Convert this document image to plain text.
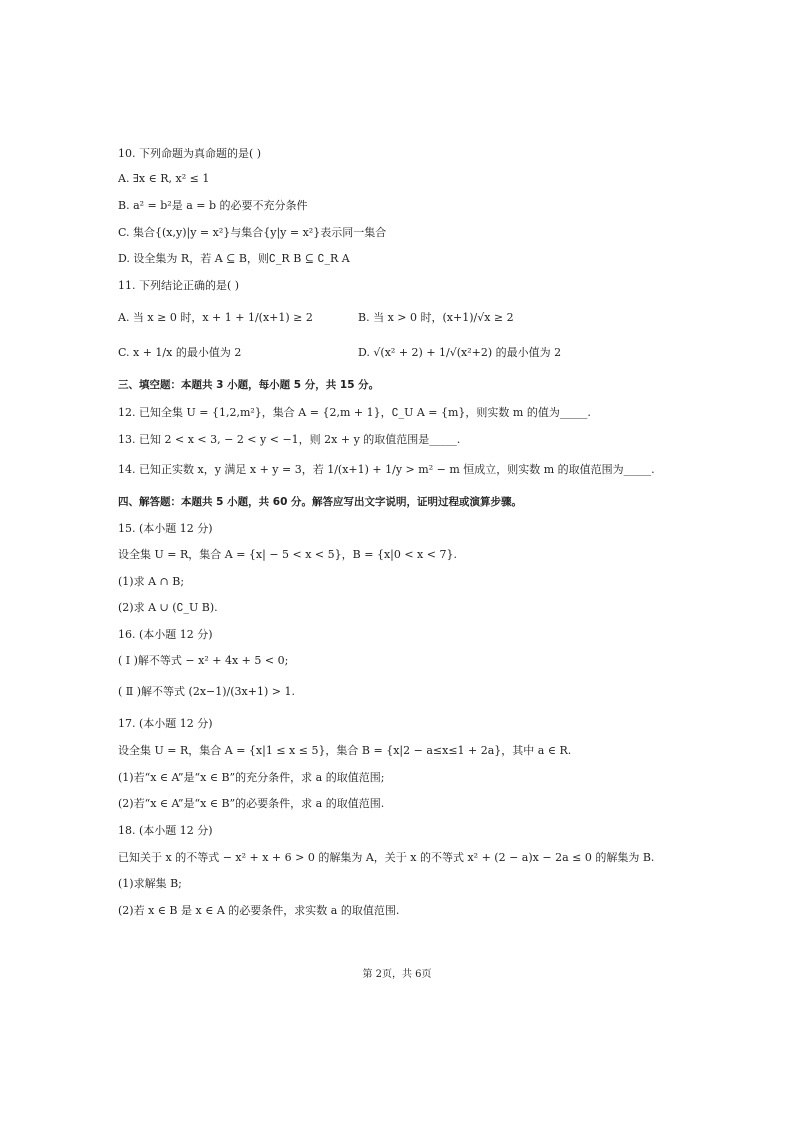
10. 下列命题为真命题的是( )
A. ∃x ∈ R, x² ≤ 1
B. a² = b²是 a = b 的必要不充分条件
C. 集合{(x,y)|y = x²}与集合{y|y = x²}表示同一集合
D. 设全集为 R，若 A ⊆ B，则∁_R B ⊆ ∁_R A
11. 下列结论正确的是( )
A. 当 x ≥ 0 时，x + 1 + 1/(x+1) ≥ 2	B. 当 x > 0 时，(x+1)/√x ≥ 2
C. x + 1/x 的最小值为 2	D. √(x² + 2) + 1/√(x²+2) 的最小值为 2
三、填空题：本题共 3 小题，每小题 5 分，共 15 分。
12. 已知全集 U = {1,2,m²}，集合 A = {2,m + 1}，∁_U A = {m}，则实数 m 的值为_____.
13. 已知 2 < x < 3, − 2 < y < −1，则 2x + y 的取值范围是_____.
14. 已知正实数 x，y 满足 x + y = 3，若 1/(x+1) + 1/y > m² − m 恒成立，则实数 m 的取值范围为_____.
四、解答题：本题共 5 小题，共 60 分。解答应写出文字说明，证明过程或演算步骤。
15. (本小题 12 分)
设全集 U = R，集合 A = {x| − 5 < x < 5}，B = {x|0 < x < 7}.
(1)求 A ∩ B;
(2)求 A ∪ (∁_U B).
16. (本小题 12 分)
( Ⅰ )解不等式 − x² + 4x + 5 < 0;
( Ⅱ )解不等式 (2x−1)/(3x+1) > 1.
17. (本小题 12 分)
设全集 U = R，集合 A = {x|1 ≤ x ≤ 5}，集合 B = {x|2 − a≤x≤1 + 2a}，其中 a ∈ R.
(1)若“x ∈ A”是“x ∈ B”的充分条件，求 a 的取值范围;
(2)若“x ∈ A”是“x ∈ B”的必要条件，求 a 的取值范围.
18. (本小题 12 分)
已知关于 x 的不等式 − x² + x + 6 > 0 的解集为 A，关于 x 的不等式 x² + (2 − a)x − 2a ≤ 0 的解集为 B.
(1)求解集 B;
(2)若 x ∈ B 是 x ∈ A 的必要条件，求实数 a 的取值范围.
第 2页，共 6页
